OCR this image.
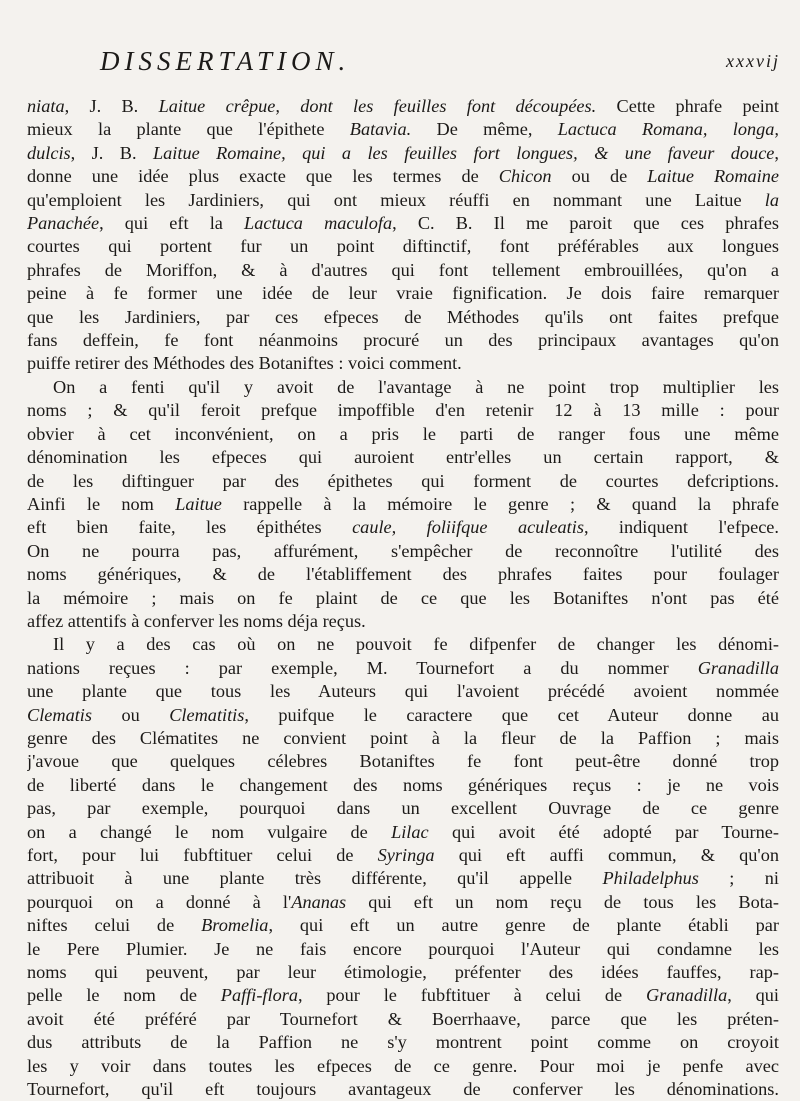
DISSERTATION.	xxxvij
niata, J. B. Laitue crêpue, dont les feuilles font découpées. Cette phrafe peint
mieux la plante que l'épithete Batavia. De même, Lactuca Romana, longa,
dulcis, J. B. Laitue Romaine, qui a les feuilles fort longues, & une faveur douce,
donne une idée plus exacte que les termes de Chicon ou de Laitue Romaine
qu'emploient les Jardiniers, qui ont mieux réuffi en nommant une Laitue la
Panachée, qui eft la Lactuca maculofa, C. B. Il me paroit que ces phrafes
courtes qui portent fur un point diftinctif, font préférables aux longues
phrafes de Moriffon, & à d'autres qui font tellement embrouillées, qu'on a
peine à fe former une idée de leur vraie fignification. Je dois faire remarquer
que les Jardiniers, par ces efpeces de Méthodes qu'ils ont faites prefque
fans deffein, fe font néanmoins procuré un des principaux avantages qu'on
puiffe retirer des Méthodes des Botaniftes : voici comment.
On a fenti qu'il y avoit de l'avantage à ne point trop multiplier les
noms ; & qu'il feroit prefque impoffible d'en retenir 12 à 13 mille : pour
obvier à cet inconvénient, on a pris le parti de ranger fous une même
dénomination les efpeces qui auroient entr'elles un certain rapport, &
de les diftinguer par des épithetes qui forment de courtes defcriptions.
Ainfi le nom Laitue rappelle à la mémoire le genre ; & quand la phrafe
eft bien faite, les épithétes caule, foliifque aculeatis, indiquent l'efpece.
On ne pourra pas, affurément, s'empêcher de reconnoître l'utilité des
noms génériques, & de l'établiffement des phrafes faites pour foulager
la mémoire ; mais on fe plaint de ce que les Botaniftes n'ont pas été
affez attentifs à conferver les noms déja reçus.
Il y a des cas où on ne pouvoit fe difpenfer de changer les dénomi-
nations reçues : par exemple, M. Tournefort a du nommer Granadilla
une plante que tous les Auteurs qui l'avoient précédé avoient nommée
Clematis ou Clematitis, puifque le caractere que cet Auteur donne au
genre des Clématites ne convient point à la fleur de la Paffion ; mais
j'avoue que quelques célebres Botaniftes fe font peut-être donné trop
de liberté dans le changement des noms génériques reçus : je ne vois
pas, par exemple, pourquoi dans un excellent Ouvrage de ce genre
on a changé le nom vulgaire de Lilac qui avoit été adopté par Tourne-
fort, pour lui fubftituer celui de Syringa qui eft auffi commun, & qu'on
attribuoit à une plante très différente, qu'il appelle Philadelphus ; ni
pourquoi on a donné à l'Ananas qui eft un nom reçu de tous les Bota-
niftes celui de Bromelia, qui eft un autre genre de plante établi par
le Pere Plumier. Je ne fais encore pourquoi l'Auteur qui condamne les
noms qui peuvent, par leur étimologie, préfenter des idées fauffes, rap-
pelle le nom de Paffi-flora, pour le fubftituer à celui de Granadilla, qui
avoit été préféré par Tournefort & Boerrhaave, parce que les préten-
dus attributs de la Paffion ne s'y montrent point comme on croyoit
les y voir dans toutes les efpeces de ce genre. Pour moi je penfe avec
Tournefort, qu'il eft toujours avantageux de conferver les dénominations.
